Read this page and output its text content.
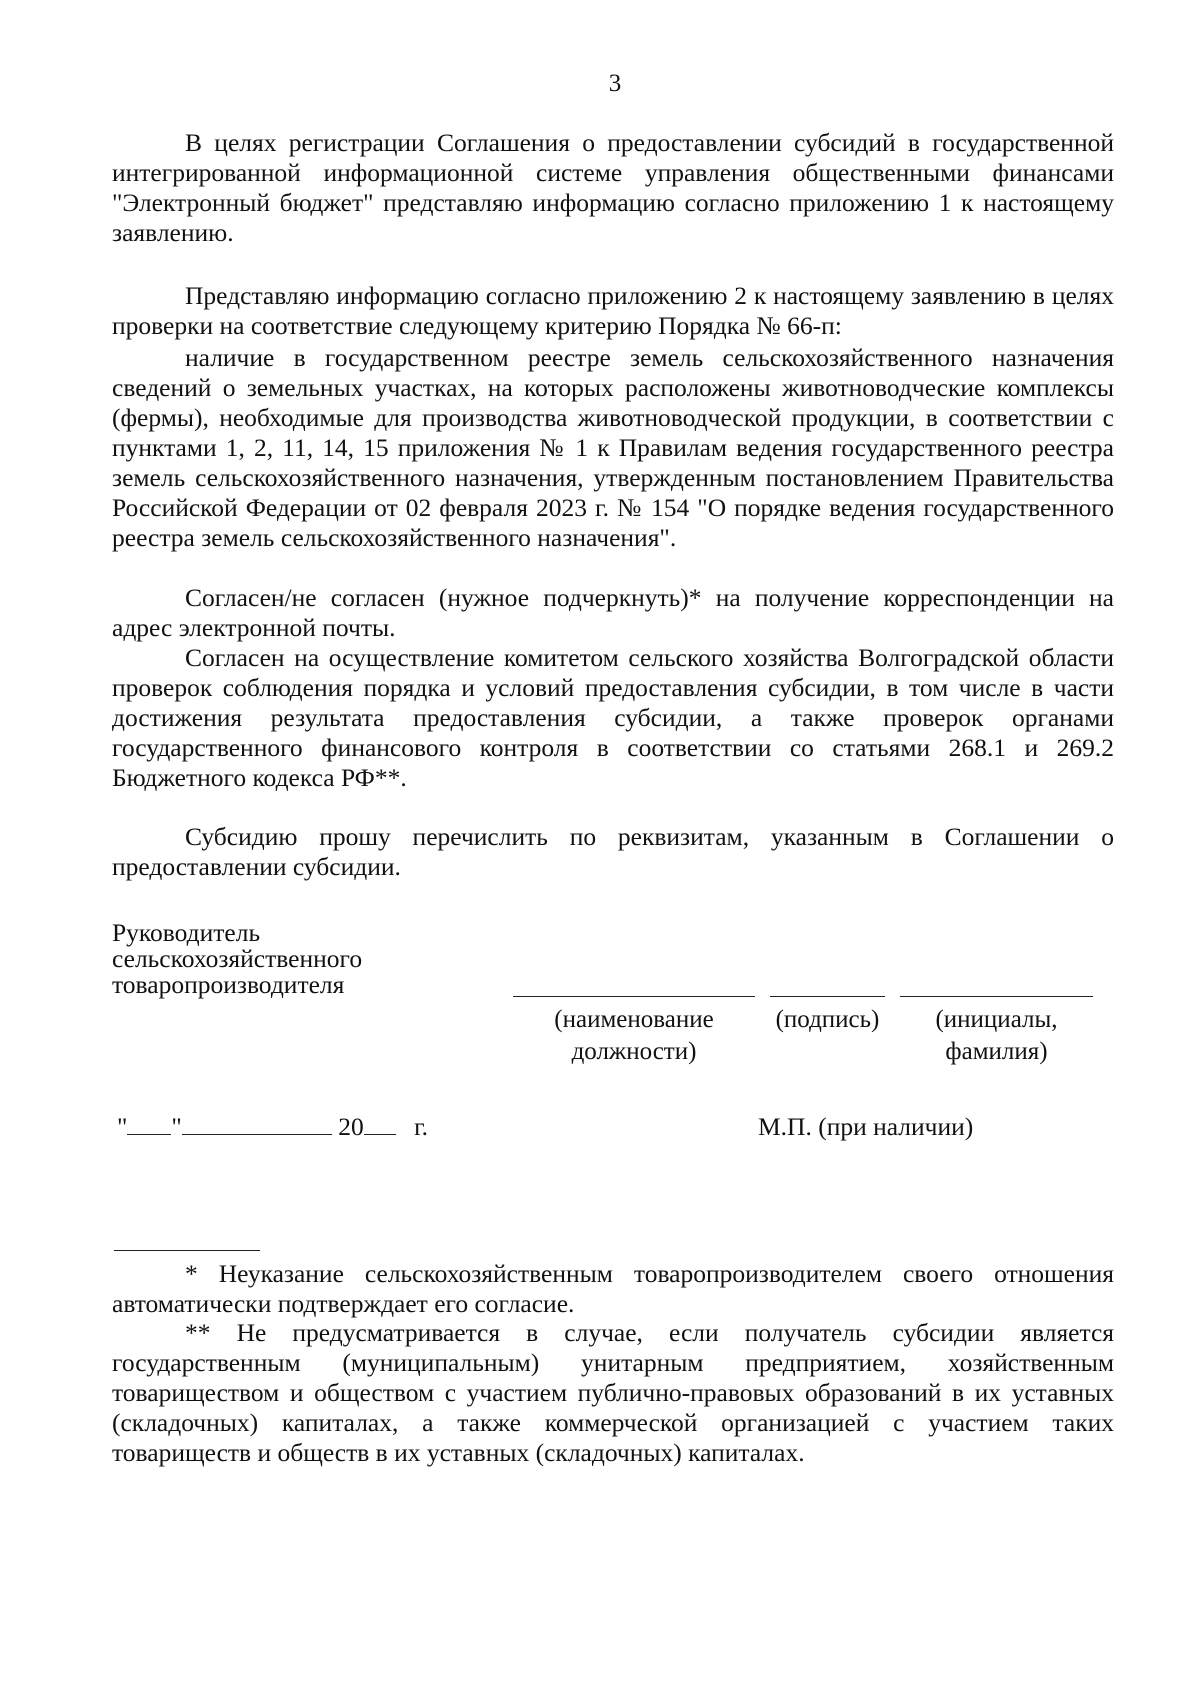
3

В целях регистрации Соглашения о предоставлении субсидий в государственной интегрированной информационной системе управления общественными финансами "Электронный бюджет" представляю информацию согласно приложению 1 к настоящему заявлению.

Представляю информацию согласно приложению 2 к настоящему заявлению в целях проверки на соответствие следующему критерию Порядка № 66-п:

наличие в государственном реестре земель сельскохозяйственного назначения сведений о земельных участках, на которых расположены животноводческие комплексы (фермы), необходимые для производства животноводческой продукции, в соответствии с пунктами 1, 2, 11, 14, 15 приложения № 1 к Правилам ведения государственного реестра земель сельскохозяйственного назначения, утвержденным постановлением Правительства Российской Федерации от 02 февраля 2023 г. № 154 "О порядке ведения государственного реестра земель сельскохозяйственного назначения".

Согласен/не согласен (нужное подчеркнуть)* на получение корреспонденции на адрес электронной почты.

Согласен на осуществление комитетом сельского хозяйства Волгоградской области проверок соблюдения порядка и условий предоставления субсидии, в том числе в части достижения результата предоставления субсидии, а также проверок органами государственного финансового контроля в соответствии со статьями 268.1 и 269.2 Бюджетного кодекса РФ**.

Субсидию прошу перечислить по реквизитам, указанным в Соглашении о предоставлении субсидии.

Руководитель
сельскохозяйственного
товаропроизводителя
(наименование
должности)
(подпись)	(инициалы,
фамилия)
" "	20 г.	М.П. (при наличии)

* Неуказание сельскохозяйственным товаропроизводителем своего отношения автоматически подтверждает его согласие.

** Не предусматривается в случае, если получатель субсидии является государственным (муниципальным) унитарным предприятием, хозяйственным товариществом и обществом с участием публично-правовых образований в их уставных (складочных) капиталах, а также коммерческой организацией с участием таких товариществ и обществ в их уставных (складочных) капиталах.
